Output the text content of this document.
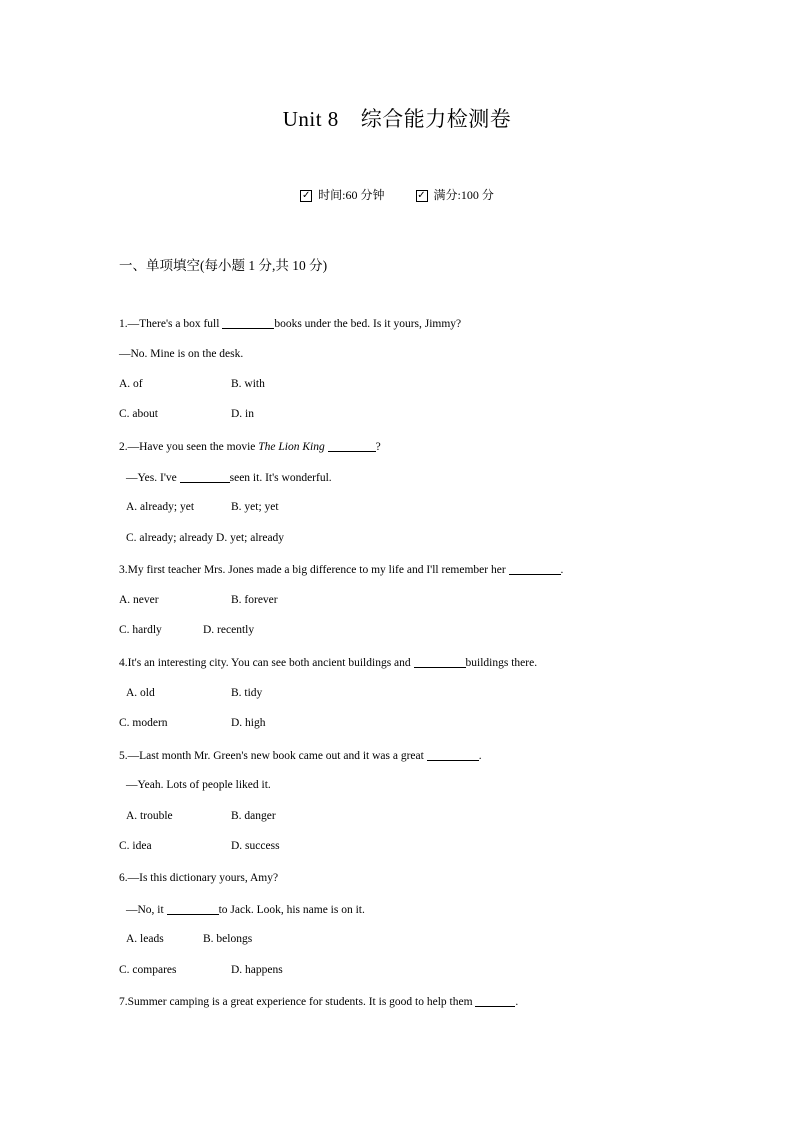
Unit 8 综合能力检测卷
✓ 时间:60 分钟	✓ 满分:100 分
一、单项填空(每小题 1 分,共 10 分)
1.—There's a box full	books under the bed. Is it yours, Jimmy?
—No. Mine is on the desk.
A. of	B. with
C. about	D. in
2.—Have you seen the movie The Lion King	?
—Yes. I've	seen it. It's wonderful.
A. already; yet	B. yet; yet
C. already; already D. yet; already
3.My first teacher Mrs. Jones made a big difference to my life and I'll remember her	.
A. never	B. forever
C. hardly	D. recently
4.It's an interesting city. You can see both ancient buildings and	buildings there.
A. old	B. tidy
C. modern	D. high
5.—Last month Mr. Green's new book came out and it was a great	.
—Yeah. Lots of people liked it.
A. trouble	B. danger
C. idea	D. success
6.—Is this dictionary yours, Amy?
—No, it	to Jack. Look, his name is on it.
A. leads	B. belongs
C. compares	D. happens
7.Summer camping is a great experience for students. It is good to help them	.
